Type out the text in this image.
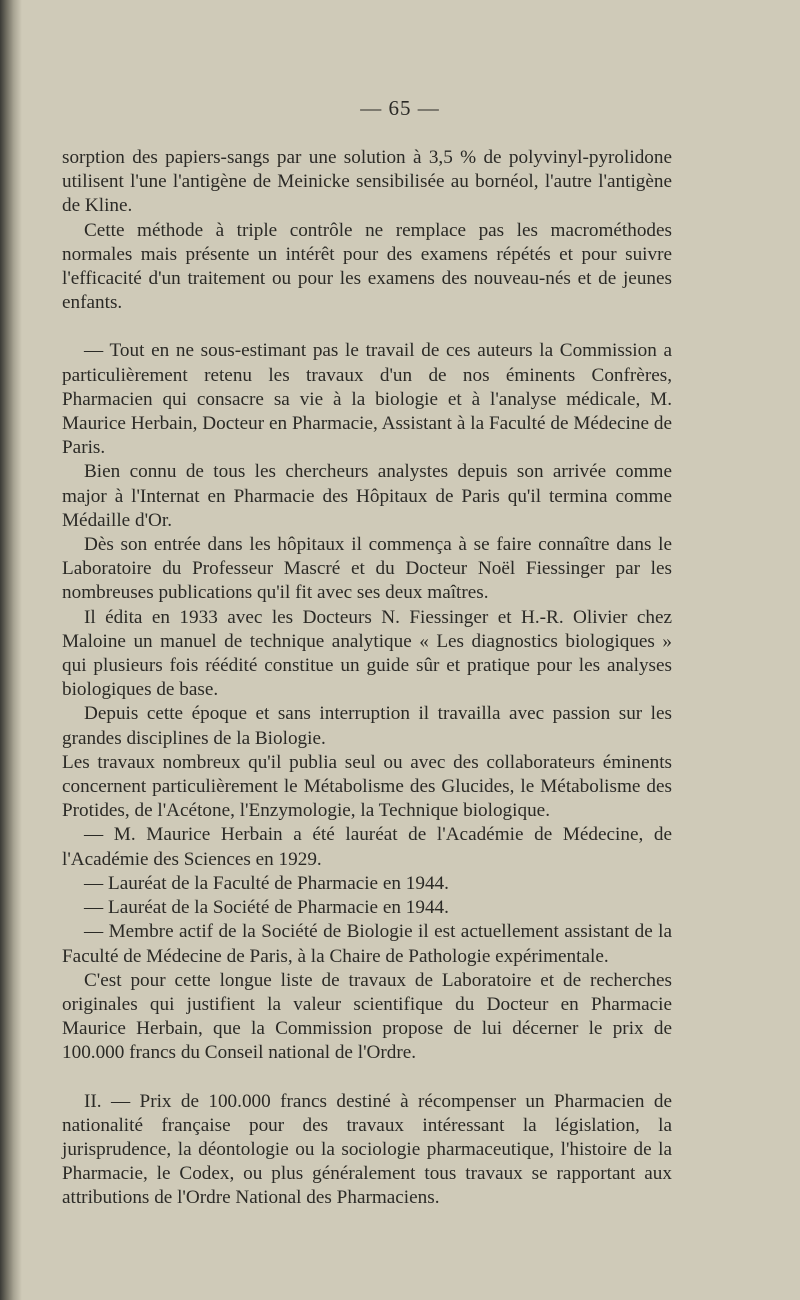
— 65 —

sorption des papiers-sangs par une solution à 3,5 % de polyvinyl-pyrolidone utilisent l'une l'antigène de Meinicke sensibilisée au bornéol, l'autre l'antigène de Kline.

Cette méthode à triple contrôle ne remplace pas les macrométhodes normales mais présente un intérêt pour des examens répétés et pour suivre l'efficacité d'un traitement ou pour les examens des nouveau-nés et de jeunes enfants.

— Tout en ne sous-estimant pas le travail de ces auteurs la Commission a particulièrement retenu les travaux d'un de nos éminents Confrères, Pharmacien qui consacre sa vie à la biologie et à l'analyse médicale, M. Maurice Herbain, Docteur en Pharmacie, Assistant à la Faculté de Médecine de Paris.

Bien connu de tous les chercheurs analystes depuis son arrivée comme major à l'Internat en Pharmacie des Hôpitaux de Paris qu'il termina comme Médaille d'Or.

Dès son entrée dans les hôpitaux il commença à se faire connaître dans le Laboratoire du Professeur Mascré et du Docteur Noël Fiessinger par les nombreuses publications qu'il fit avec ses deux maîtres.

Il édita en 1933 avec les Docteurs N. Fiessinger et H.-R. Olivier chez Maloine un manuel de technique analytique « Les diagnostics biologiques » qui plusieurs fois réédité constitue un guide sûr et pratique pour les analyses biologiques de base.

Depuis cette époque et sans interruption il travailla avec passion sur les grandes disciplines de la Biologie.

Les travaux nombreux qu'il publia seul ou avec des collaborateurs éminents concernent particulièrement le Métabolisme des Glucides, le Métabolisme des Protides, de l'Acétone, l'Enzymologie, la Technique biologique.

— M. Maurice Herbain a été lauréat de l'Académie de Médecine, de l'Académie des Sciences en 1929.

— Lauréat de la Faculté de Pharmacie en 1944.

— Lauréat de la Société de Pharmacie en 1944.

— Membre actif de la Société de Biologie il est actuellement assistant de la Faculté de Médecine de Paris, à la Chaire de Pathologie expérimentale.

C'est pour cette longue liste de travaux de Laboratoire et de recherches originales qui justifient la valeur scientifique du Docteur en Pharmacie Maurice Herbain, que la Commission propose de lui décerner le prix de 100.000 francs du Conseil national de l'Ordre.

II. — Prix de 100.000 francs destiné à récompenser un Pharmacien de nationalité française pour des travaux intéressant la législation, la jurisprudence, la déontologie ou la sociologie pharmaceutique, l'histoire de la Pharmacie, le Codex, ou plus généralement tous travaux se rapportant aux attributions de l'Ordre National des Pharmaciens.
